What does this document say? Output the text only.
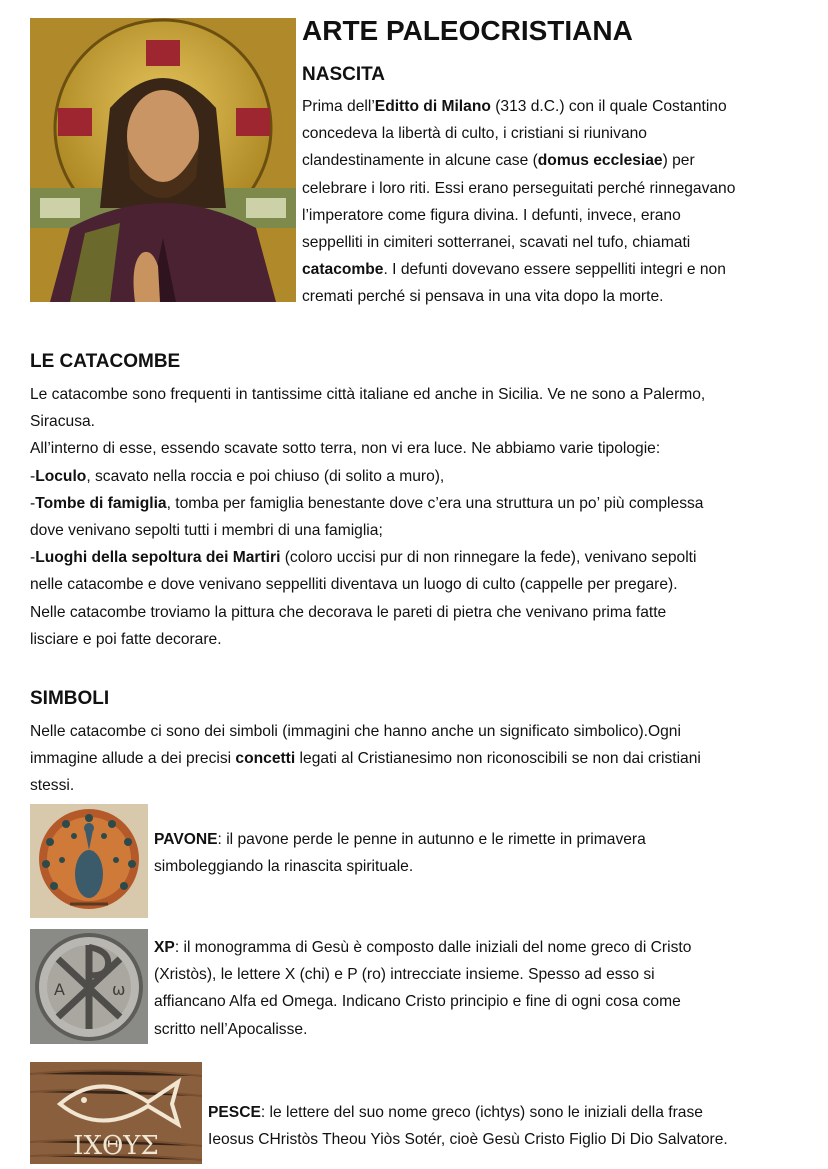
ARTE PALEOCRISTIANA
NASCITA
Prima dell’Editto di Milano (313 d.C.) con il quale Costantino
concedeva la libertà di culto, i cristiani si riunivano
clandestinamente in alcune case (domus ecclesiae) per
celebrare i loro riti. Essi erano perseguitati perché rinnegavano
l’imperatore come figura divina. I defunti, invece, erano
seppelliti in cimiteri sotterranei, scavati nel tufo, chiamati
catacombe. I defunti dovevano essere seppelliti integri e non
cremati perché si pensava in una vita dopo la morte.
LE CATACOMBE
Le catacombe sono frequenti in tantissime città italiane ed anche in Sicilia. Ve ne sono a Palermo,
Siracusa.
All’interno di esse, essendo scavate sotto terra, non vi era luce. Ne abbiamo varie tipologie:
-Loculo, scavato nella roccia e poi chiuso (di solito a muro),
-Tombe di famiglia, tomba per famiglia benestante dove c’era una struttura un po’ più complessa
dove venivano sepolti tutti i membri di una famiglia;
-Luoghi della sepoltura dei Martiri (coloro uccisi pur di non rinnegare la fede), venivano sepolti
nelle catacombe e dove venivano seppelliti diventava un luogo di culto (cappelle per pregare).
Nelle catacombe troviamo la pittura che decorava le pareti di pietra che venivano prima fatte
lisciare e poi fatte decorare.
SIMBOLI
Nelle catacombe ci sono dei simboli (immagini che hanno anche un significato simbolico).Ogni
immagine allude a dei precisi concetti legati al Cristianesimo non riconoscibili se non dai cristiani
stessi.
PAVONE: il pavone perde le penne in autunno e le rimette in primavera
simboleggiando la rinascita spirituale.
A	ω
XP: il monogramma di Gesù è composto dalle iniziali del nome greco di Cristo
(Xristòs), le lettere X (chi) e P (ro) intrecciate insieme. Spesso ad esso si
affiancano Alfa ed Omega. Indicano Cristo principio e fine di ogni cosa come
scritto nell’Apocalisse.
ΙΧΘΥΣ
PESCE: le lettere del suo nome greco (ichtys) sono le iniziali della frase
Ieosus CHristòs Theou Yiòs Sotér, cioè Gesù Cristo Figlio Di Dio Salvatore.
